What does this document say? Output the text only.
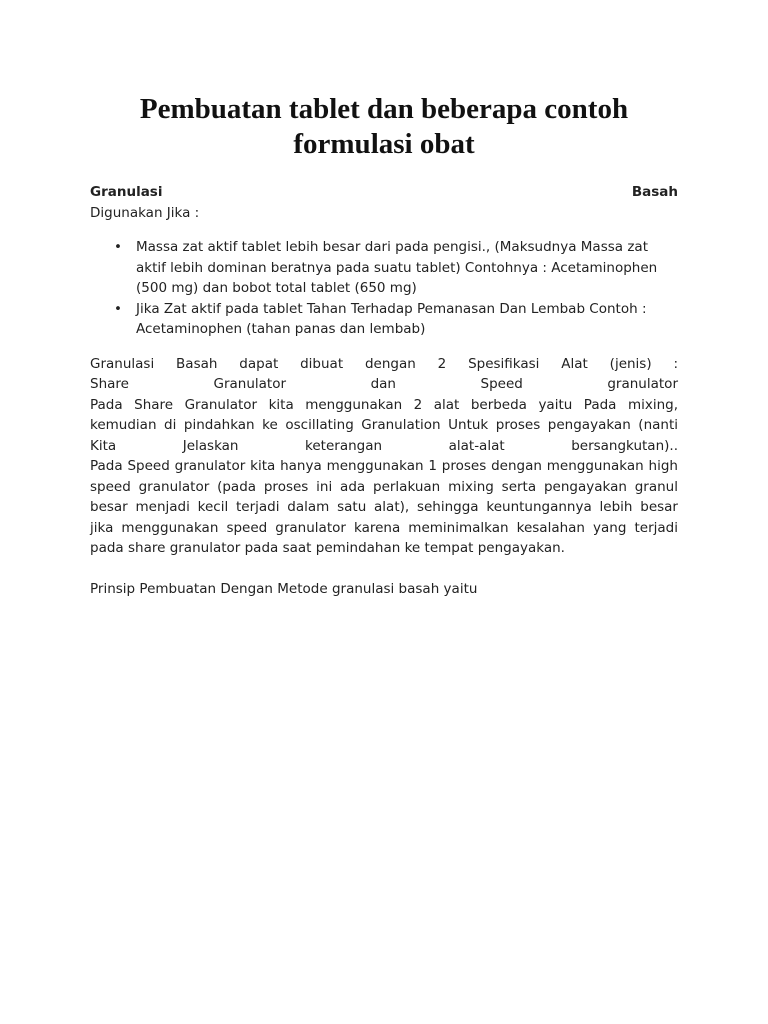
Pembuatan tablet dan beberapa contoh
formulasi obat
Granulasi	Basah
Digunakan Jika :
• Massa zat aktif tablet lebih besar dari pada pengisi., (Maksudnya Massa zat
aktif lebih dominan beratnya pada suatu tablet) Contohnya : Acetaminophen
(500 mg) dan bobot total tablet (650 mg)
• Jika Zat aktif pada tablet Tahan Terhadap Pemanasan Dan Lembab Contoh :
Acetaminophen (tahan panas dan lembab)
Granulasi Basah dapat dibuat dengan 2 Spesifikasi Alat (jenis) :
Share Granulator dan Speed granulator
Pada Share Granulator kita menggunakan 2 alat berbeda yaitu Pada mixing,
kemudian di pindahkan ke oscillating Granulation Untuk proses pengayakan (nanti
Kita Jelaskan keterangan alat-alat bersangkutan)..
Pada Speed granulator kita hanya menggunakan 1 proses dengan menggunakan high
speed granulator (pada proses ini ada perlakuan mixing serta pengayakan granul
besar menjadi kecil terjadi dalam satu alat), sehingga keuntungannya lebih besar
jika menggunakan speed granulator karena meminimalkan kesalahan yang terjadi
pada share granulator pada saat pemindahan ke tempat pengayakan.
Prinsip Pembuatan Dengan Metode granulasi basah yaitu
